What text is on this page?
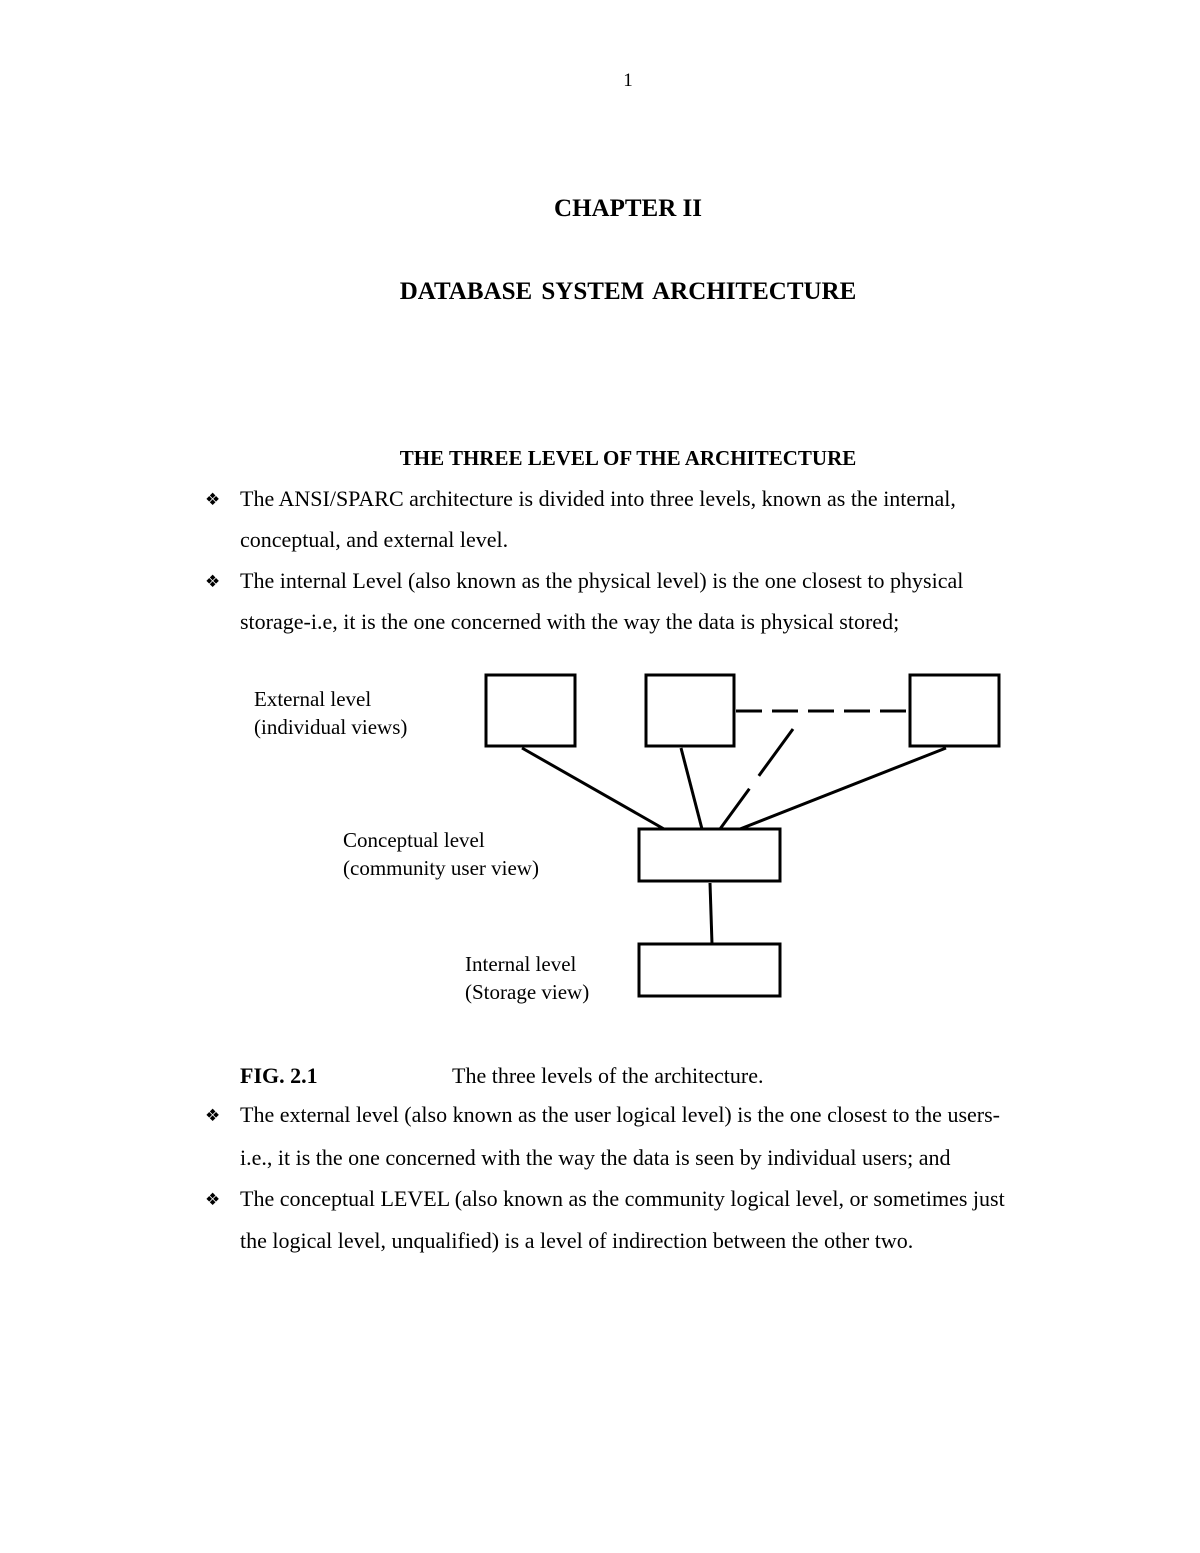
1
CHAPTER II
DATABASE SYSTEM ARCHITECTURE
THE THREE LEVEL OF THE ARCHITECTURE
❖ The ANSI/SPARC architecture is divided into three levels, known as the internal,
conceptual, and external level.
❖ The internal Level (also known as the physical level) is the one closest to physical
storage-i.e, it is the one concerned with the way the data is physical stored;
External level
(individual views)
Conceptual level
(community user view)
Internal level
(Storage view)
FIG. 2.1	The three levels of the architecture.
❖ The external level (also known as the user logical level) is the one closest to the users-
i.e., it is the one concerned with the way the data is seen by individual users; and
❖ The conceptual LEVEL (also known as the community logical level, or sometimes just
the logical level, unqualified) is a level of indirection between the other two.
